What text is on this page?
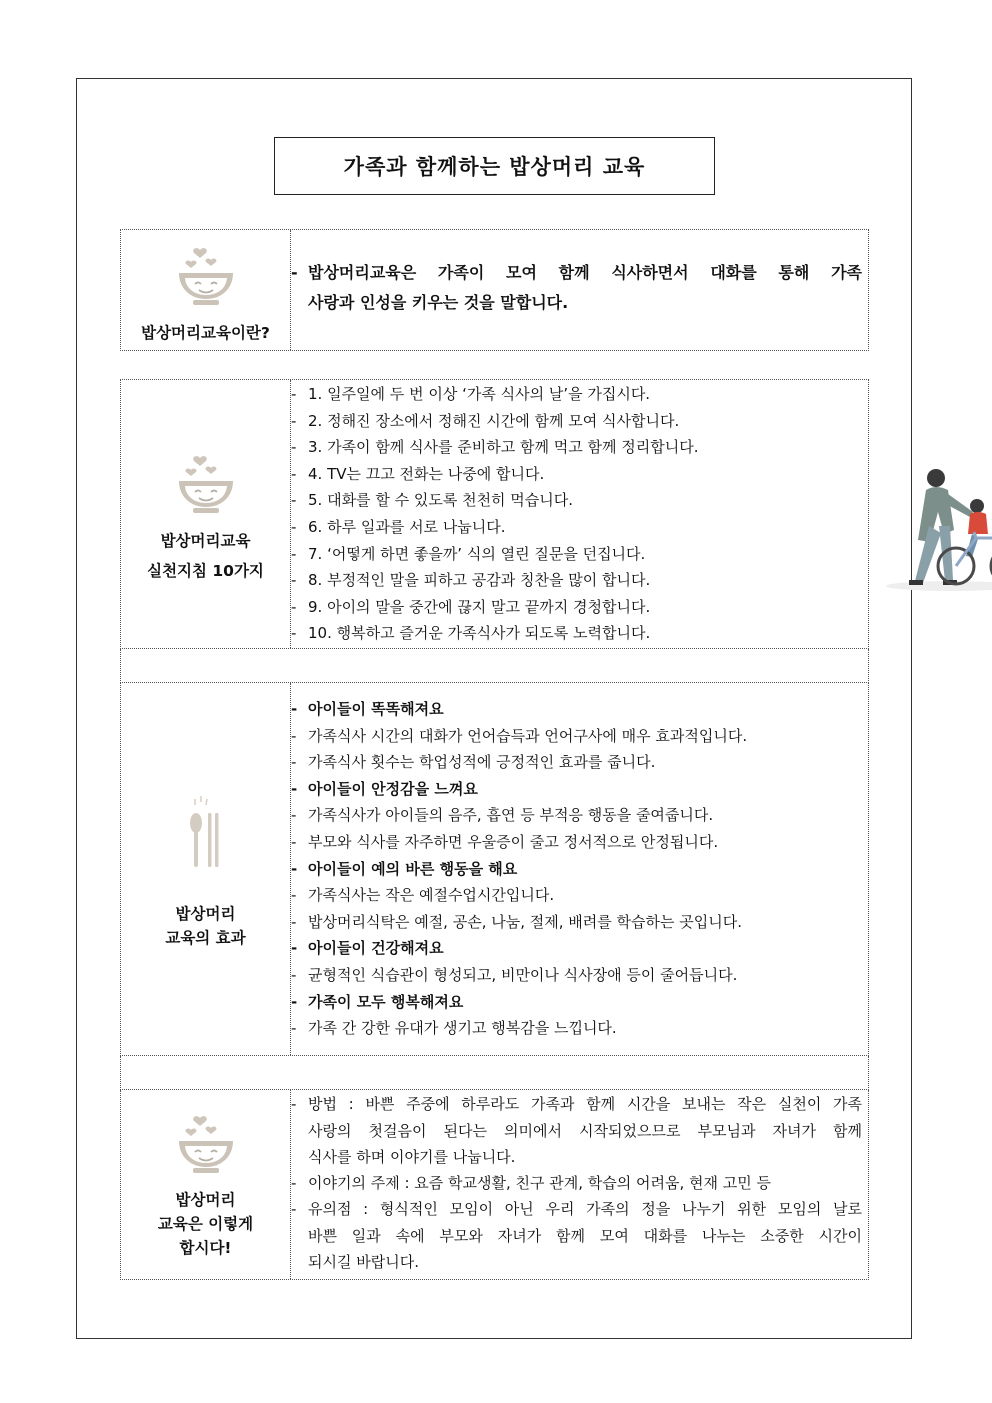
가족과 함께하는 밥상머리 교육
밥상머리교육이란?
- 밥상머리교육은 가족이 모여 함께 식사하면서 대화를 통해 가족
사랑과 인성을 키우는 것을 말합니다.
밥상머리교육
실천지침 10가지
- 1. 일주일에 두 번 이상 ‘가족 식사의 날’을 가집시다.
- 2. 정해진 장소에서 정해진 시간에 함께 모여 식사합니다.
- 3. 가족이 함께 식사를 준비하고 함께 먹고 함께 정리합니다.
- 4. TV는 끄고 전화는 나중에 합니다.
- 5. 대화를 할 수 있도록 천천히 먹습니다.
- 6. 하루 일과를 서로 나눕니다.
- 7. ‘어떻게 하면 좋을까’ 식의 열린 질문을 던집니다.
- 8. 부정적인 말을 피하고 공감과 칭찬을 많이 합니다.
- 9. 아이의 말을 중간에 끊지 말고 끝까지 경청합니다.
- 10. 행복하고 즐거운 가족식사가 되도록 노력합니다.
밥상머리
교육의 효과
- 아이들이 똑똑해져요
- 가족식사 시간의 대화가 언어습득과 언어구사에 매우 효과적입니다.
- 가족식사 횟수는 학업성적에 긍정적인 효과를 줍니다.
- 아이들이 안정감을 느껴요
- 가족식사가 아이들의 음주, 흡연 등 부적응 행동을 줄여줍니다.
- 부모와 식사를 자주하면 우울증이 줄고 정서적으로 안정됩니다.
- 아이들이 예의 바른 행동을 해요
- 가족식사는 작은 예절수업시간입니다.
- 밥상머리식탁은 예절, 공손, 나눔, 절제, 배려를 학습하는 곳입니다.
- 아이들이 건강해져요
- 균형적인 식습관이 형성되고, 비만이나 식사장애 등이 줄어듭니다.
- 가족이 모두 행복해져요
- 가족 간 강한 유대가 생기고 행복감을 느낍니다.
밥상머리
교육은 이렇게
합시다!
- 방법 : 바쁜 주중에 하루라도 가족과 함께 시간을 보내는 작은 실천이 가족
사랑의 첫걸음이 된다는 의미에서 시작되었으므로 부모님과 자녀가 함께
식사를 하며 이야기를 나눕니다.
- 이야기의 주제 : 요즘 학교생활, 친구 관계, 학습의 어려움, 현재 고민 등
- 유의점 : 형식적인 모임이 아닌 우리 가족의 정을 나누기 위한 모임의 날로
바쁜 일과 속에 부모와 자녀가 함께 모여 대화를 나누는 소중한 시간이
되시길 바랍니다.
